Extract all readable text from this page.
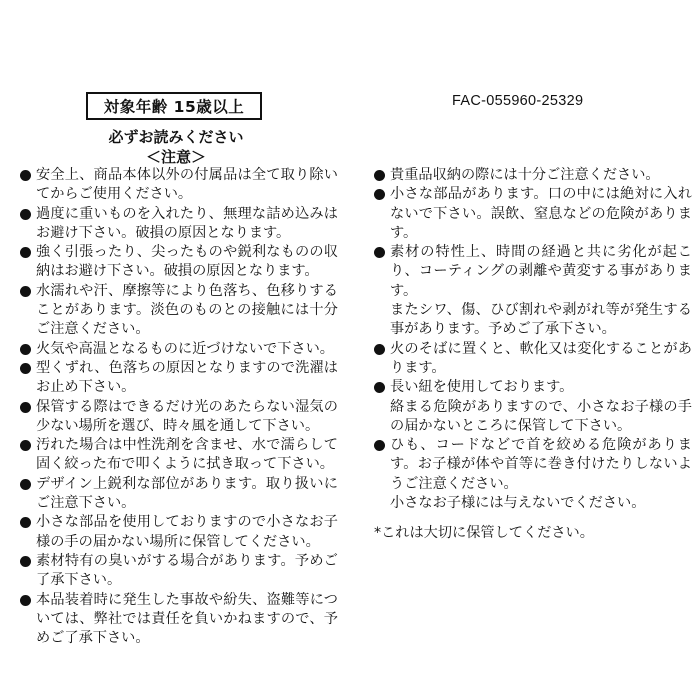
対象年齢 15歳以上	FAC-055960-25329
必ずお読みください
＜注意＞
安全上、商品本体以外の付属品は全て取り除いてからご使用ください。
過度に重いものを入れたり、無理な詰め込みはお避け下さい。破損の原因となります。
強く引張ったり、尖ったものや鋭利なものの収納はお避け下さい。破損の原因となります。
水濡れや汗、摩擦等により色落ち、色移りすることがあります。淡色のものとの接触には十分ご注意ください。
火気や高温となるものに近づけないで下さい。
型くずれ、色落ちの原因となりますので洗濯はお止め下さい。
保管する際はできるだけ光のあたらない湿気の少ない場所を選び、時々風を通して下さい。
汚れた場合は中性洗剤を含ませ、水で濡らして固く絞った布で叩くように拭き取って下さい。
デザイン上鋭利な部位があります。取り扱いにご注意下さい。
小さな部品を使用しておりますので小さなお子様の手の届かない場所に保管してください。
素材特有の臭いがする場合があります。予めご了承下さい。
本品装着時に発生した事故や紛失、盗難等については、弊社では責任を負いかねますので、予めご了承下さい。
貴重品収納の際には十分ご注意ください。
小さな部品があります。口の中には絶対に入れないで下さい。誤飲、窒息などの危険があります。
素材の特性上、時間の経過と共に劣化が起こり、コーティングの剥離や黄変する事があります。
またシワ、傷、ひび割れや剥がれ等が発生する事があります。予めご了承下さい。
火のそばに置くと、軟化又は変化することがあります。
長い紐を使用しております。
絡まる危険がありますので、小さなお子様の手の届かないところに保管して下さい。
ひも、コードなどで首を絞める危険があります。お子様が体や首等に巻き付けたりしないようご注意ください。
小さなお子様には与えないでください。
*これは大切に保管してください。
